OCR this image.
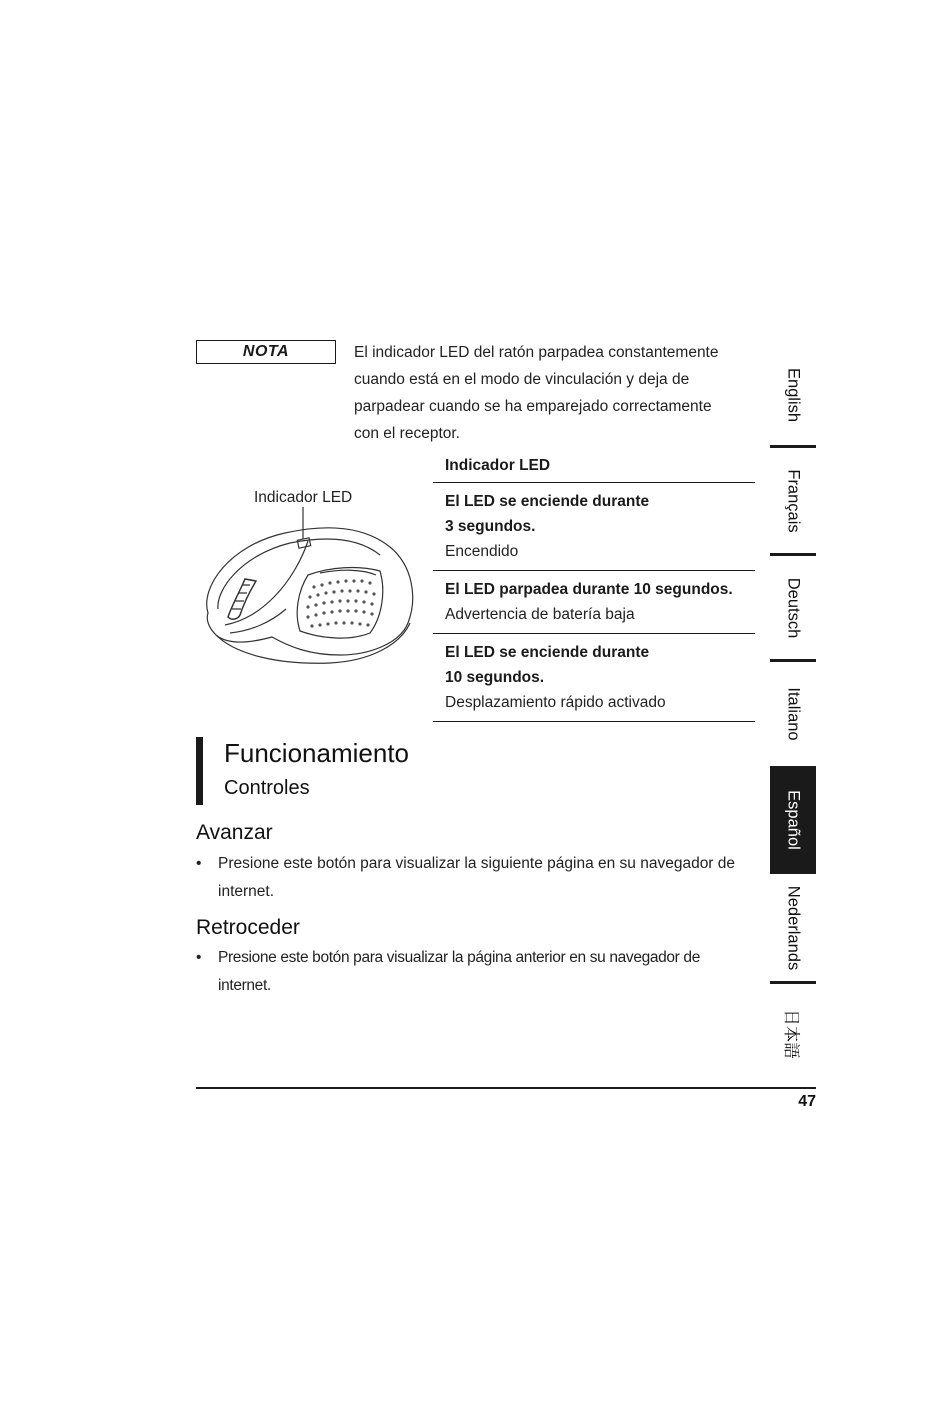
NOTA	El indicador LED del ratón parpadea constantemente
cuando está en el modo de vinculación y deja de
parpadear cuando se ha emparejado correctamente
con el receptor.
Indicador LED
Indicador LED
El LED se enciende durante
3 segundos.
Encendido
El LED parpadea durante 10 segundos.
Advertencia de batería baja
El LED se enciende durante
10 segundos.
Desplazamiento rápido activado
Funcionamiento
Controles
Avanzar
• Presione este botón para visualizar la siguiente página en su navegador de
internet.
Retroceder
• Presione este botón para visualizar la página anterior en su navegador de internet.
English
Français
Deutsch
Italiano
Español
Nederlands
日本語
47
